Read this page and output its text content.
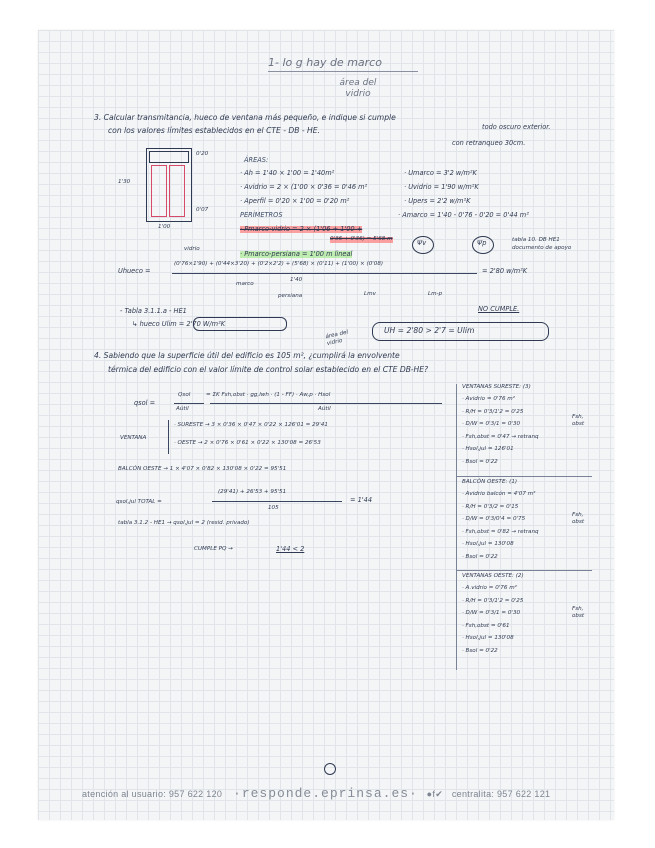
1- lo g hay de marco
área del vidrio
3. Calcular transmitancia, hueco de ventana más pequeño, e indique si cumple
con los valores límites establecidos en el CTE - DB - HE.	todo oscuro exterior.
con retranqueo 30cm.
0'20
1'30
0'07
1'00
ÁREAS:
· Ah = 1'40 × 1'00 = 1'40m²
· Avidrio = 2 × (1'00 × 0'36 = 0'46 m²
· Aperfil = 0'20 × 1'00 = 0'20 m²
PERÍMETROS
· Pmarco-vidrio = 2 × (1'06 + 1'00 +
0'36 + 0'36) = 5'68 m
· Pmarco-persiana = 1'00 m lineal
· Umarco = 3'2 w/m²K
· Uvidrio = 1'90 w/m²K
· Upers = 2'2 w/m²K
· Amarco = 1'40 - 0'76 - 0'20 = 0'44 m²
Ψv	Ψp	tabla 10. DB HE1 documento de apoyo
vidrio
Uhueco =
(0'76×1'90) + (0'44×3'20) + (0'2×2'2) + (5'68) × (0'11) + (1'00) × (0'08)
1'40
= 2'80 w/m²K
marco
persiana	Lmv	Lm-p
- Tabla 3.1.1.a - HE1
↳ hueco Ulim = 2'70 W/m²K
NO CUMPLE.
área del vidrio
UH = 2'80 > 2'7 = Ulim
4. Sabiendo que la superficie útil del edificio es 105 m², ¿cumplirá la envolvente
térmica del edificio con el valor límite de control solar establecido en el CTE DB-HE?
qsol =
Qsol
Aútil
= ΣK Fsh,obst · gg,lwh · (1 - FF) · Aw,p · Hsol
Aútil
VENTANA
· SURESTE → 3 × 0'36 × 0'47 × 0'22 × 126'01 = 29'41
· OESTE → 2 × 0'76 × 0'61 × 0'22 × 130'08 = 26'53
BALCÓN OESTE → 1 × 4'07 × 0'82 × 130'08 × 0'22 = 95'51
qsol,jul TOTAL =
(29'41) + 26'53 + 95'51
105
= 1'44
tabla 3.1.2 - HE1 → qsol,jul = 2 (resid. privado)
CUMPLE PQ →	1'44 < 2
VENTANAS SURESTE: (3)
· Avidrio = 0'76 m²
· R/H = 0'3/1'2 = 0'25
· D/W = 0'3/1 = 0'30
· Fsh,obst = 0'47 → retranq
· Hsol,jul = 126'01
· Bsol = 0'22
BALCÓN OESTE: (1)
· Avidrio balcón = 4'07 m²
· R/H = 0'3/2 = 0'15
· D/W = 0'3/0'4 = 0'75
· Fsh,obst = 0'82 → retranq
· Hsol,jul = 130'08
· Bsol = 0'22
VENTANAS OESTE: (2)
· A.vidrio = 0'76 m²
· R/H = 0'3/1'2 = 0'25
· D/W = 0'3/1 = 0'30
· Fsh,obst = 0'61
· Hsol,jul = 130'08
· Bsol = 0'22
Fsh, obst
Fsh, obst
Fsh, obst
atención al usuario: 957 622 120 ·responde.eprinsa.es· ●f✔ centralita: 957 622 121
